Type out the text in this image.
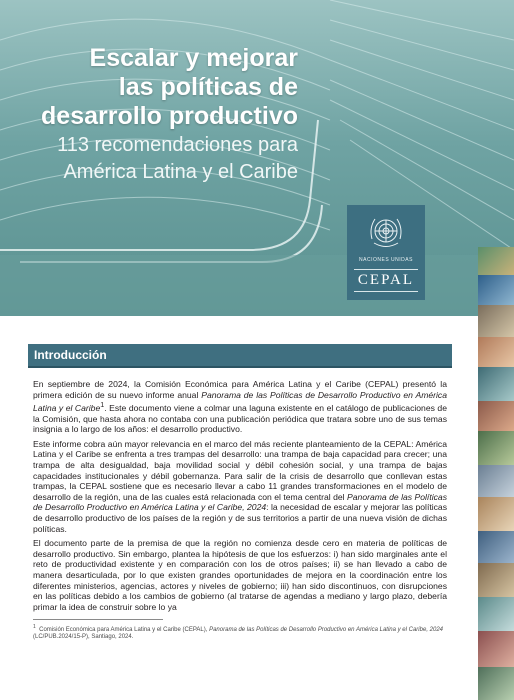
Escalar y mejorar
las políticas de
desarrollo productivo
113 recomendaciones para
América Latina y el Caribe
NACIONES UNIDAS
CEPAL
Introducción

En septiembre de 2024, la Comisión Económica para América Latina y el Caribe (CEPAL) presentó la primera edición de su nuevo informe anual Panorama de las Políticas de Desarrollo Productivo en América Latina y el Caribe$^1$. Este documento viene a colmar una laguna existente en el catálogo de publicaciones de la Comisión, que hasta ahora no contaba con una publicación periódica que tratara sobre uno de sus temas insignia a lo largo de los años: el desarrollo productivo.

Este informe cobra aún mayor relevancia en el marco del más reciente planteamiento de la CEPAL: América Latina y el Caribe se enfrenta a tres trampas del desarrollo: una trampa de baja capacidad para crecer; una trampa de alta desigualdad, baja movilidad social y débil cohesión social, y una trampa de bajas capacidades institucionales y débil gobernanza. Para salir de la crisis de desarrollo que conllevan estas trampas, la CEPAL sostiene que es necesario llevar a cabo 11 grandes transformaciones en el modelo de desarrollo de la región, una de las cuales está relacionada con el tema central del Panorama de las Políticas de Desarrollo Productivo en América Latina y el Caribe, 2024: la necesidad de escalar y mejorar las políticas de desarrollo productivo de los países de la región y de sus territorios a partir de una nueva visión de dichas políticas.

El documento parte de la premisa de que la región no comienza desde cero en materia de políticas de desarrollo productivo. Sin embargo, plantea la hipótesis de que los esfuerzos: i) han sido marginales ante el reto de productividad existente y en comparación con los de otros países; ii) se han llevado a cabo de manera desarticulada, por lo que existen grandes oportunidades de mejora en la coordinación entre los diferentes ministerios, agencias, actores y niveles de gobierno; iii) han sido discontinuos, con disrupciones en las políticas debido a los cambios de gobierno (al tratarse de agendas a mediano y largo plazo, debería primar la idea de construir sobre lo ya

$^1$ Comisión Económica para América Latina y el Caribe (CEPAL), Panorama de las Políticas de Desarrollo Productivo en América Latina y el Caribe, 2024 (LC/PUB.2024/15-P), Santiago, 2024.
